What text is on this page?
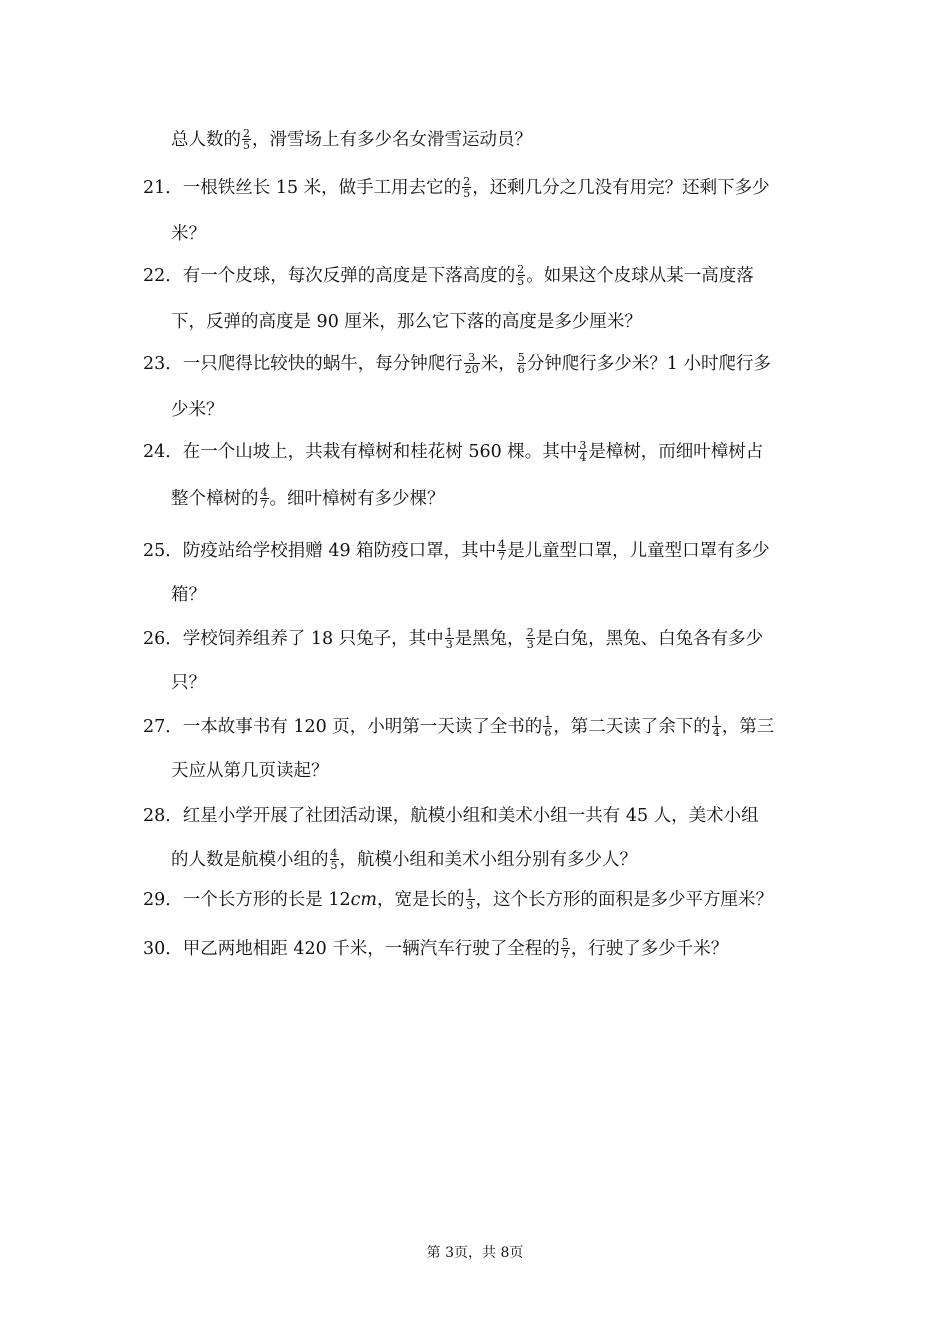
总人数的 $\frac{2}{5}$ ，滑雪场上有多少名女滑雪运动员？
21．一根铁丝长 15 米，做手工用去它的 $\frac{2}{5}$ ，还剩几分之几没有用完？还剩下多少
米？
22．有一个皮球，每次反弹的高度是下落高度的 $\frac{2}{5}$ 。如果这个皮球从某一高度落
下，反弹的高度是 90 厘米，那么它下落的高度是多少厘米？
23．一只爬得比较快的蜗牛，每分钟爬行 $\frac{3}{20}$ 米， $\frac{5}{6}$ 分钟爬行多少米？1 小时爬行多
少米？
24．在一个山坡上，共栽有樟树和桂花树 560 棵。其中 $\frac{3}{4}$ 是樟树，而细叶樟树占
整个樟树的 $\frac{4}{7}$ 。细叶樟树有多少棵？
25．防疫站给学校捐赠 49 箱防疫口罩，其中 $\frac{4}{7}$ 是儿童型口罩，儿童型口罩有多少
箱？
26．学校饲养组养了 18 只兔子，其中 $\frac{1}{3}$ 是黑兔， $\frac{2}{3}$ 是白兔，黑兔、白兔各有多少
只？
27．一本故事书有 120 页，小明第一天读了全书的 $\frac{1}{6}$ ，第二天读了余下的 $\frac{1}{4}$ ，第三
天应从第几页读起？
28．红星小学开展了社团活动课，航模小组和美术小组一共有 45 人，美术小组
的人数是航模小组的 $\frac{4}{5}$ ，航模小组和美术小组分别有多少人？
29．一个长方形的长是 12cm，宽是长的 $\frac{1}{3}$ ，这个长方形的面积是多少平方厘米？
30．甲乙两地相距 420 千米，一辆汽车行驶了全程的 $\frac{5}{7}$ ，行驶了多少千米？
第 3页，共 8页
